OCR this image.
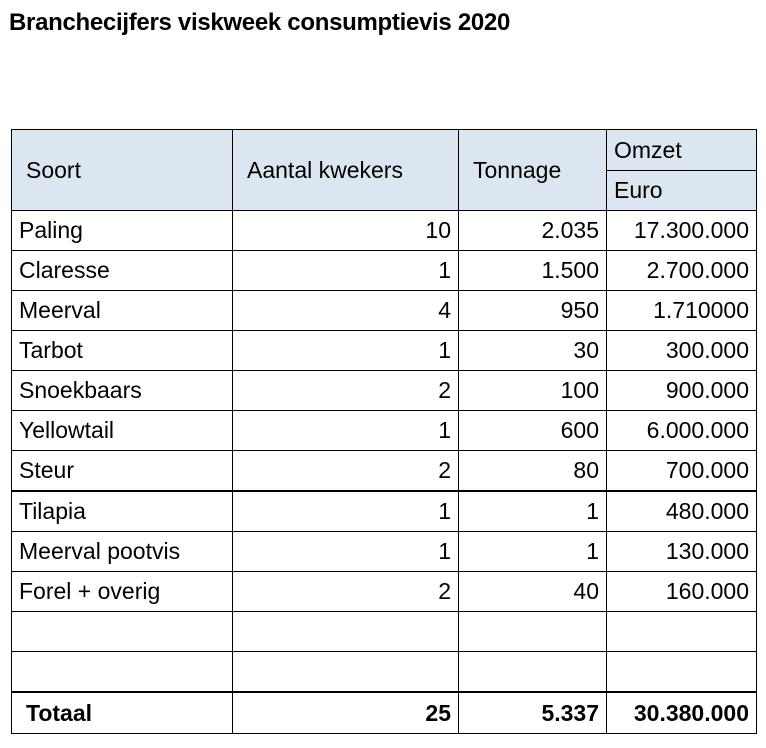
Branchecijfers viskweek consumptievis 2020
Soort	Aantal kwekers	Tonnage	Omzet
			Euro
Paling	10	2.035	17.300.000
Claresse	1	1.500	2.700.000
Meerval	4	950	1.710000
Tarbot	1	30	300.000
Snoekbaars	2	100	900.000
Yellowtail	1	600	6.000.000
Steur	2	80	700.000
Tilapia	1	1	480.000
Meerval pootvis	1	1	130.000
Forel + overig	2	40	160.000

Totaal	25	5.337	30.380.000
